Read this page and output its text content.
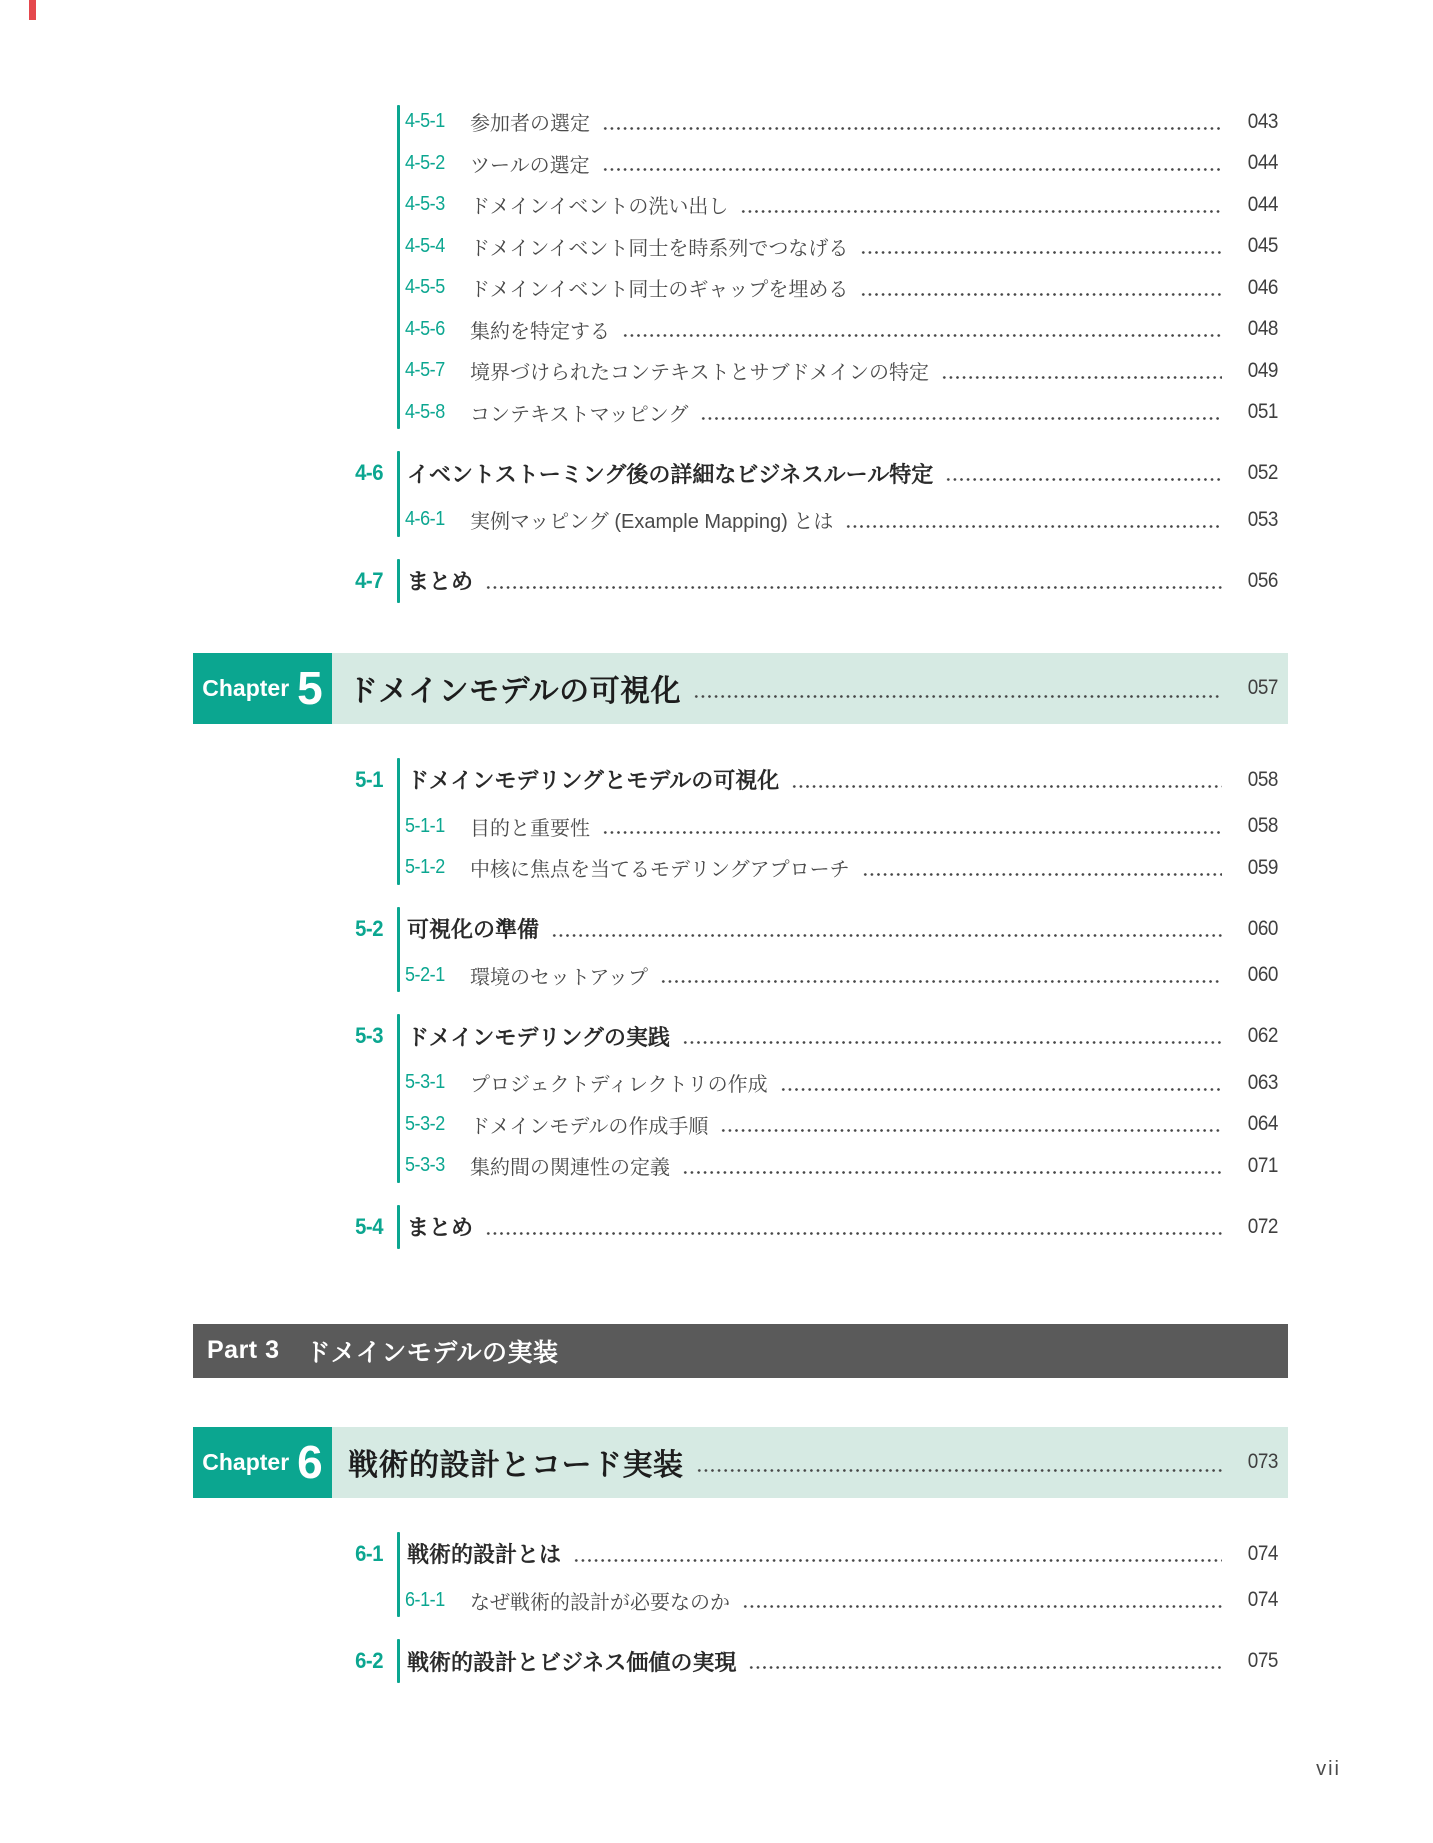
4-5-1	参加者の選定	043
4-5-2	ツールの選定	044
4-5-3	ドメインイベントの洗い出し	044
4-5-4	ドメインイベント同士を時系列でつなげる	045
4-5-5	ドメインイベント同士のギャップを埋める	046
4-5-6	集約を特定する	048
4-5-7	境界づけられたコンテキストとサブドメインの特定	049
4-5-8	コンテキストマッピング	051
4-6 イベントストーミング後の詳細なビジネスルール特定	052
4-6-1	実例マッピング (Example Mapping) とは	053
4-7 まとめ	056
Chapter 5 ドメインモデルの可視化	057
5-1 ドメインモデリングとモデルの可視化	058
5-1-1	目的と重要性	058
5-1-2	中核に焦点を当てるモデリングアプローチ	059
5-2 可視化の準備	060
5-2-1	環境のセットアップ	060
5-3 ドメインモデリングの実践	062
5-3-1	プロジェクトディレクトリの作成	063
5-3-2	ドメインモデルの作成手順	064
5-3-3	集約間の関連性の定義	071
5-4 まとめ	072
Part 3 ドメインモデルの実装
Chapter 6 戦術的設計とコード実装	073
6-1 戦術的設計とは	074
6-1-1	なぜ戦術的設計が必要なのか	074
6-2 戦術的設計とビジネス価値の実現	075
vii
